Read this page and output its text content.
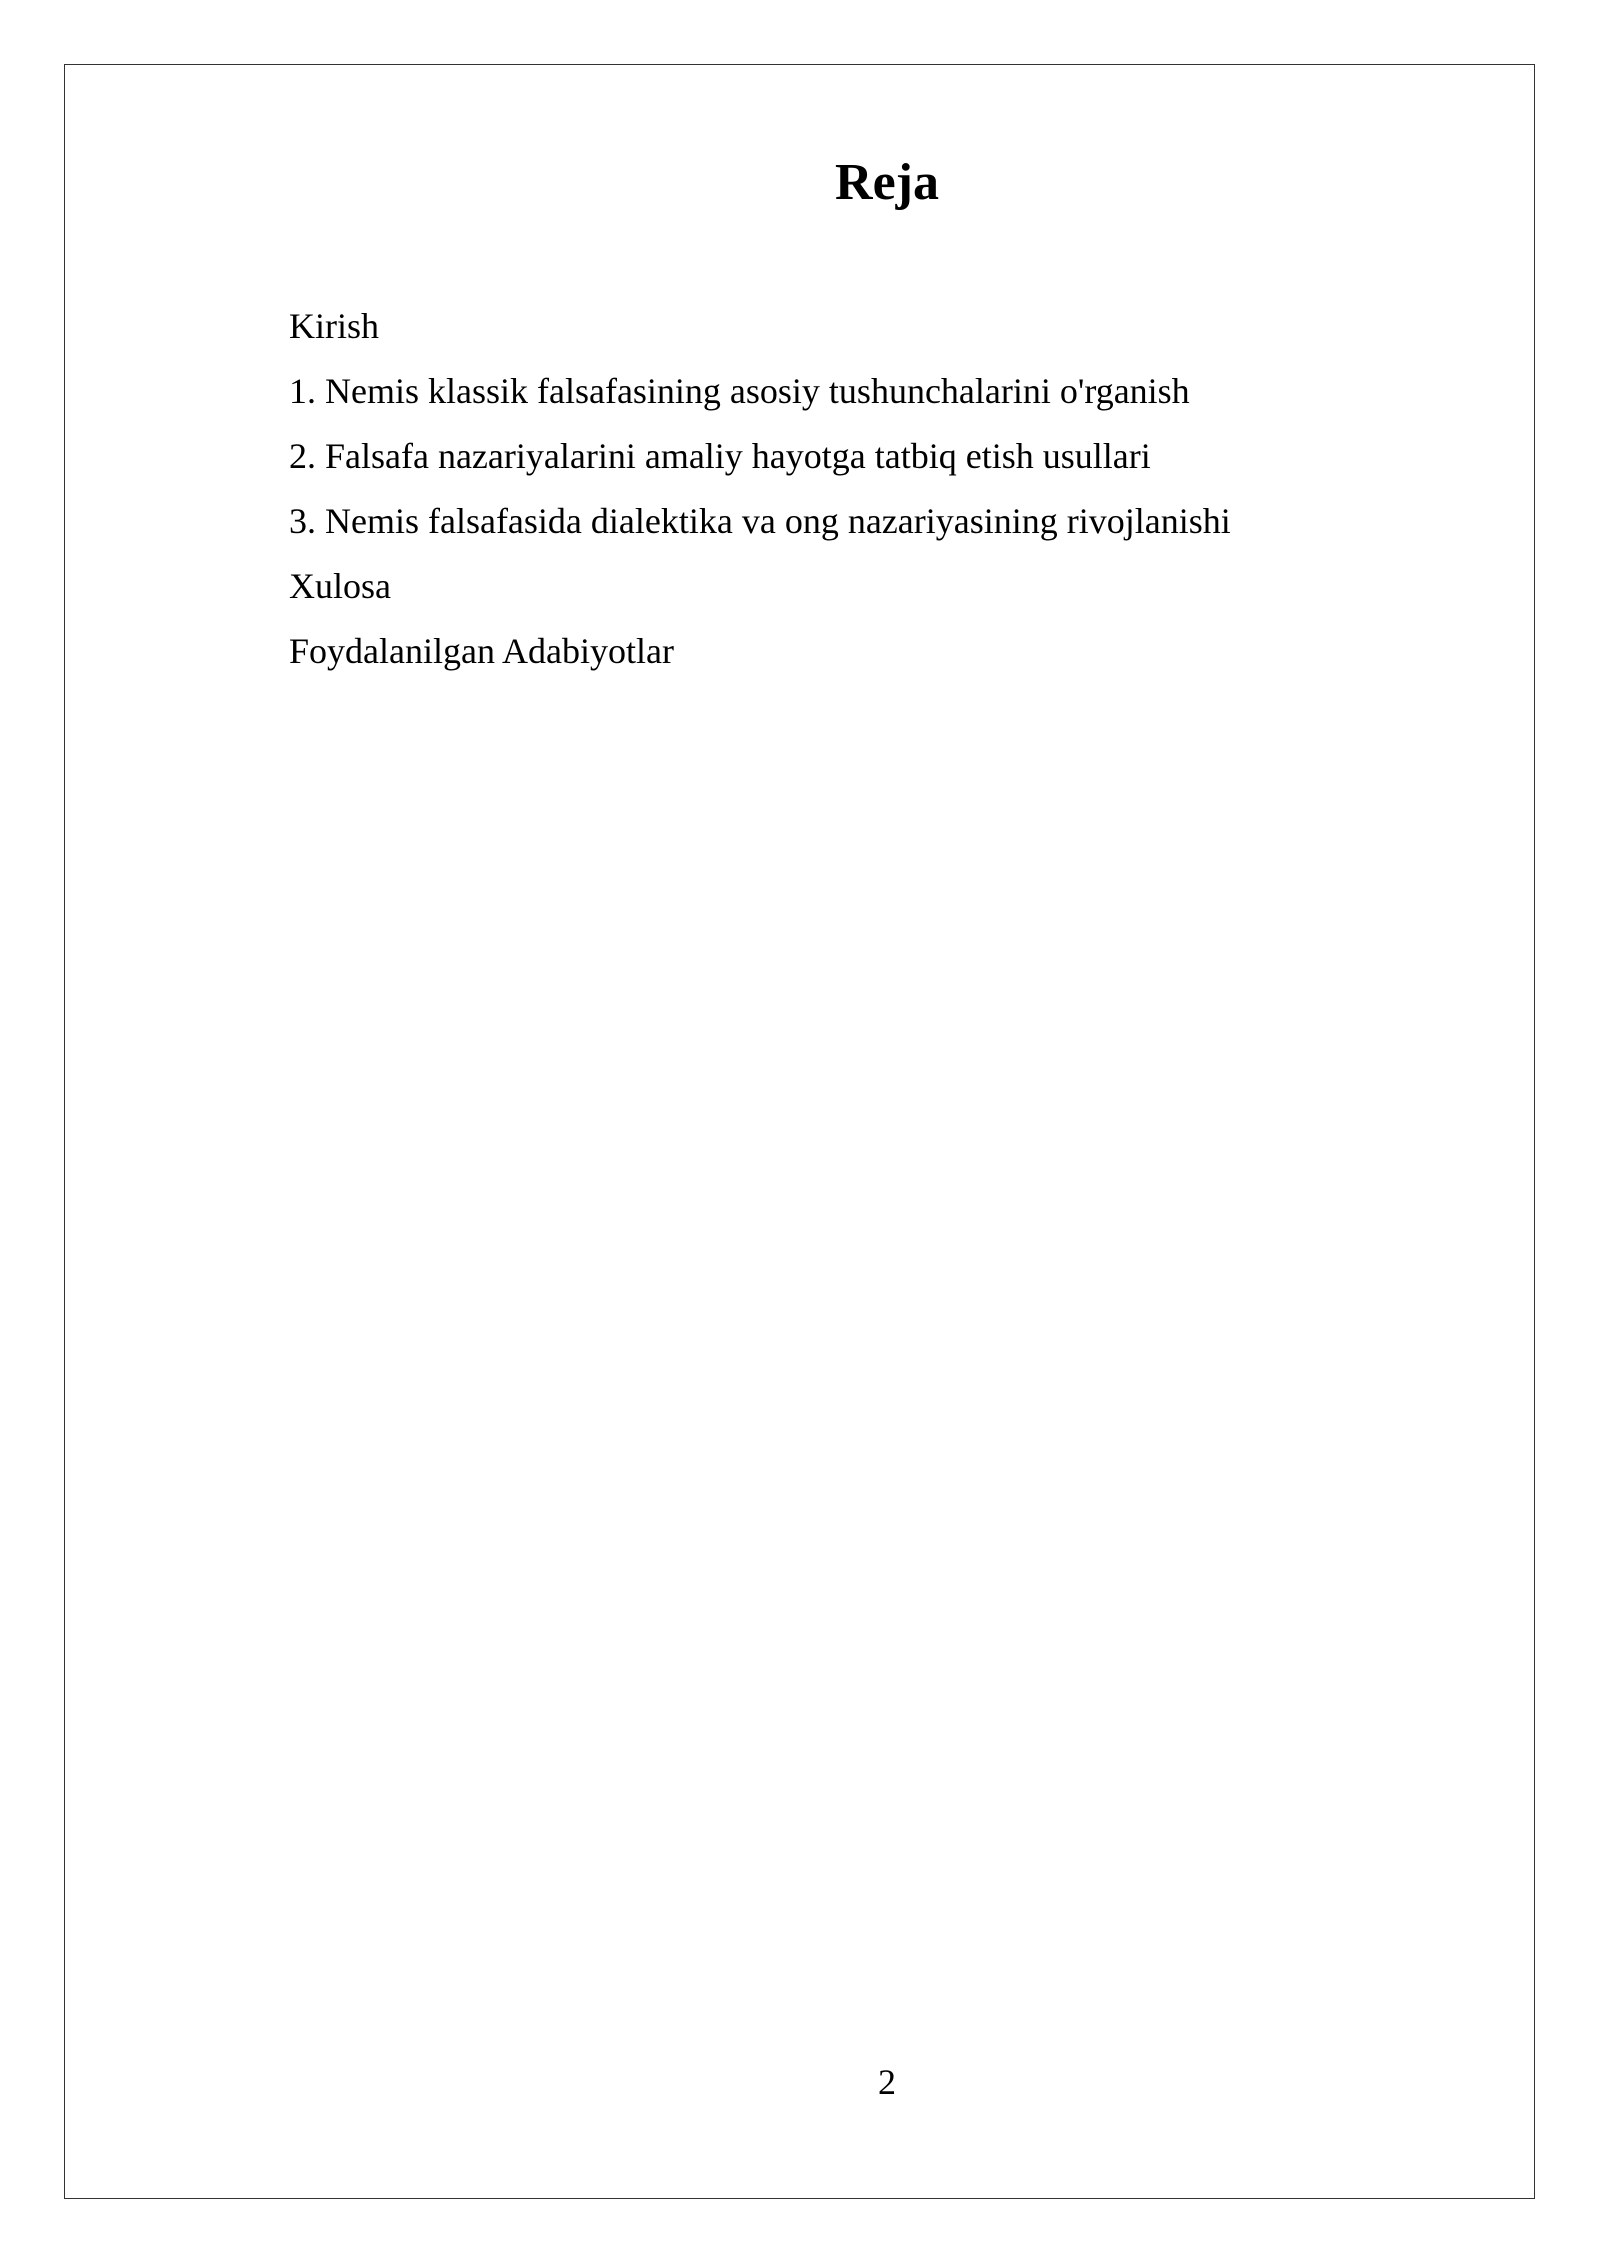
Reja
Kirish
1. Nemis klassik falsafasining asosiy tushunchalarini o'rganish
2. Falsafa nazariyalarini amaliy hayotga tatbiq etish usullari
3. Nemis falsafasida dialektika va ong nazariyasining rivojlanishi
Xulosa
Foydalanilgan Adabiyotlar
2
